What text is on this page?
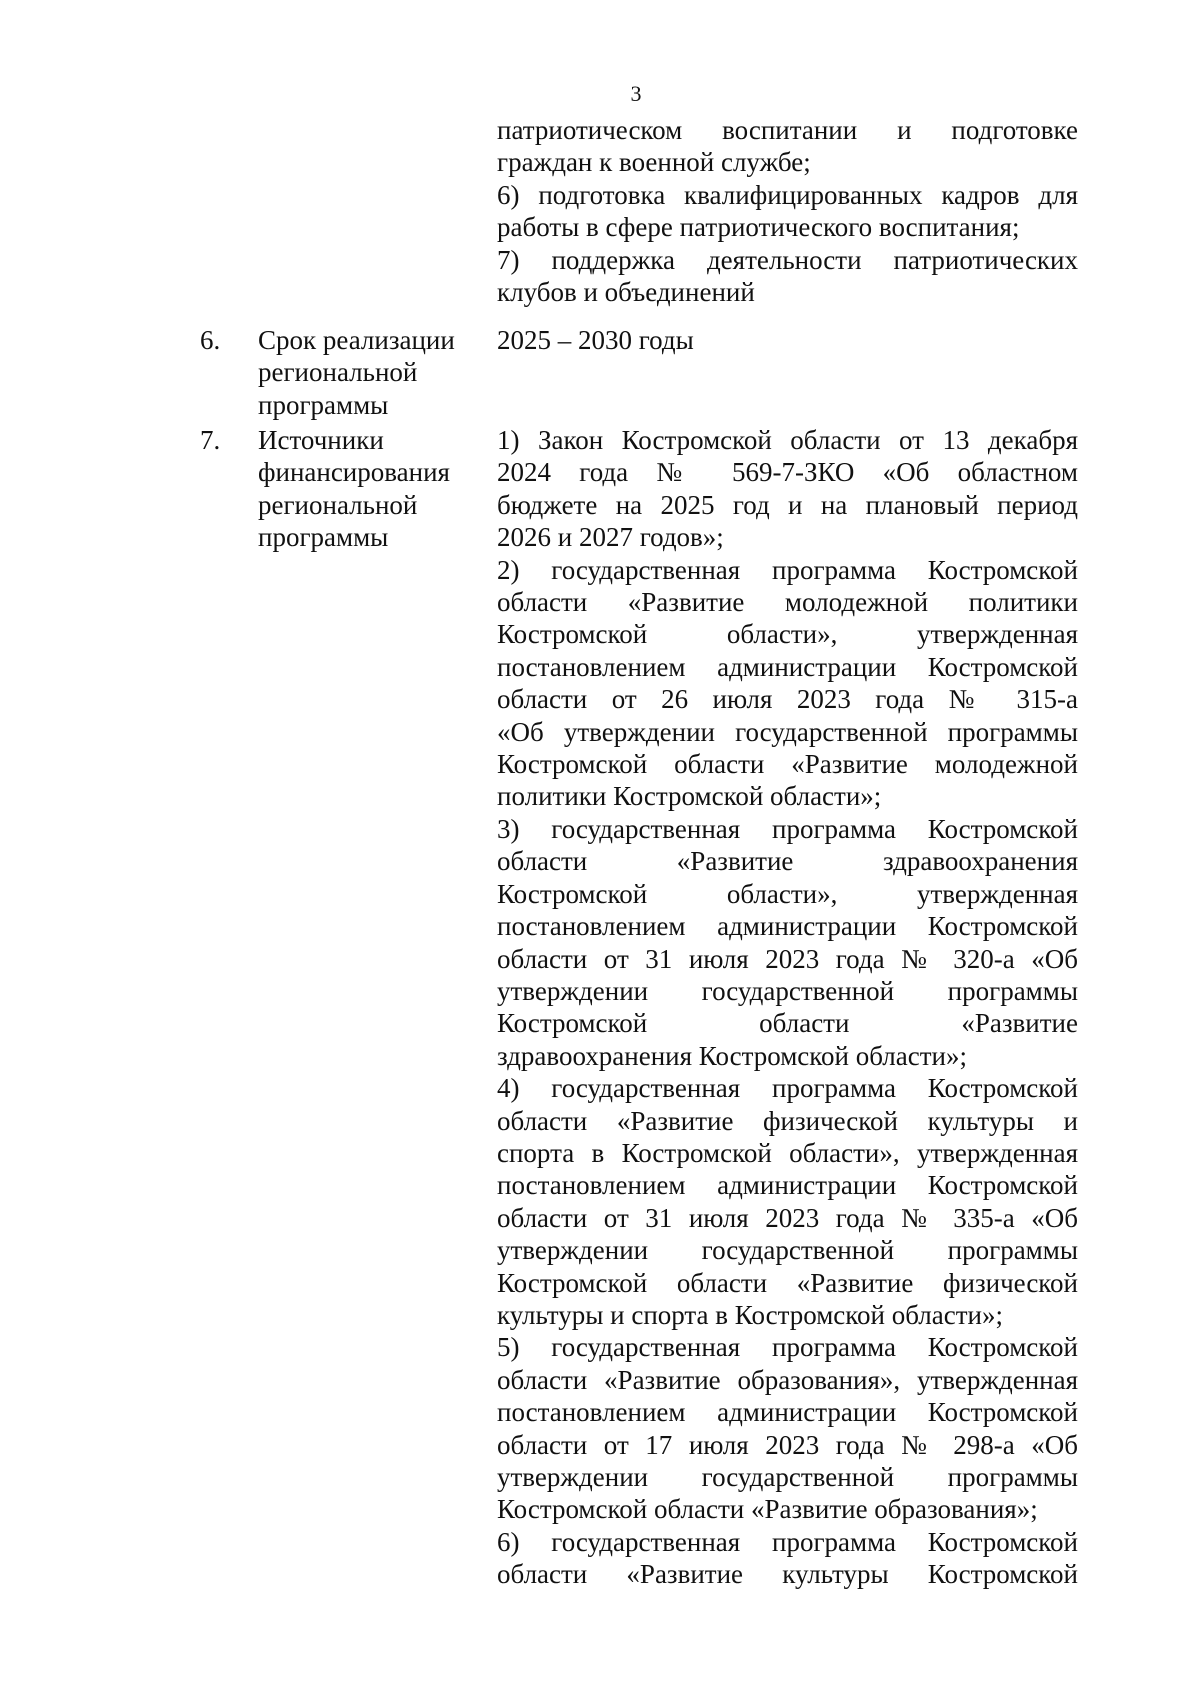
3

патриотическом воспитании и подготовке
граждан к военной службе;

6) подготовка квалифицированных кадров для
работы в сфере патриотического воспитания;

7) поддержка деятельности патриотических
клубов и объединений

6.	Срок реализации
региональной
программы
2025 – 2030 годы
7.	Источники
финансирования
региональной
программы

1) Закон Костромской области от 13 декабря
2024 года № 569-7-ЗКО «Об областном
бюджете на 2025 год и на плановый период
2026 и 2027 годов»;

2) государственная программа Костромской
области «Развитие молодежной политики
Костромской области», утвержденная
постановлением администрации Костромской
области от 26 июля 2023 года № 315-а
«Об утверждении государственной программы
Костромской области «Развитие молодежной
политики Костромской области»;

3) государственная программа Костромской
области «Развитие здравоохранения
Костромской области», утвержденная
постановлением администрации Костромской
области от 31 июля 2023 года № 320-а «Об
утверждении государственной программы
Костромской области «Развитие
здравоохранения Костромской области»;

4) государственная программа Костромской
области «Развитие физической культуры и
спорта в Костромской области», утвержденная
постановлением администрации Костромской
области от 31 июля 2023 года № 335-а «Об
утверждении государственной программы
Костромской области «Развитие физической
культуры и спорта в Костромской области»;

5) государственная программа Костромской
области «Развитие образования», утвержденная
постановлением администрации Костромской
области от 17 июля 2023 года № 298-а «Об
утверждении государственной программы
Костромской области «Развитие образования»;

6) государственная программа Костромской
области «Развитие культуры Костромской
